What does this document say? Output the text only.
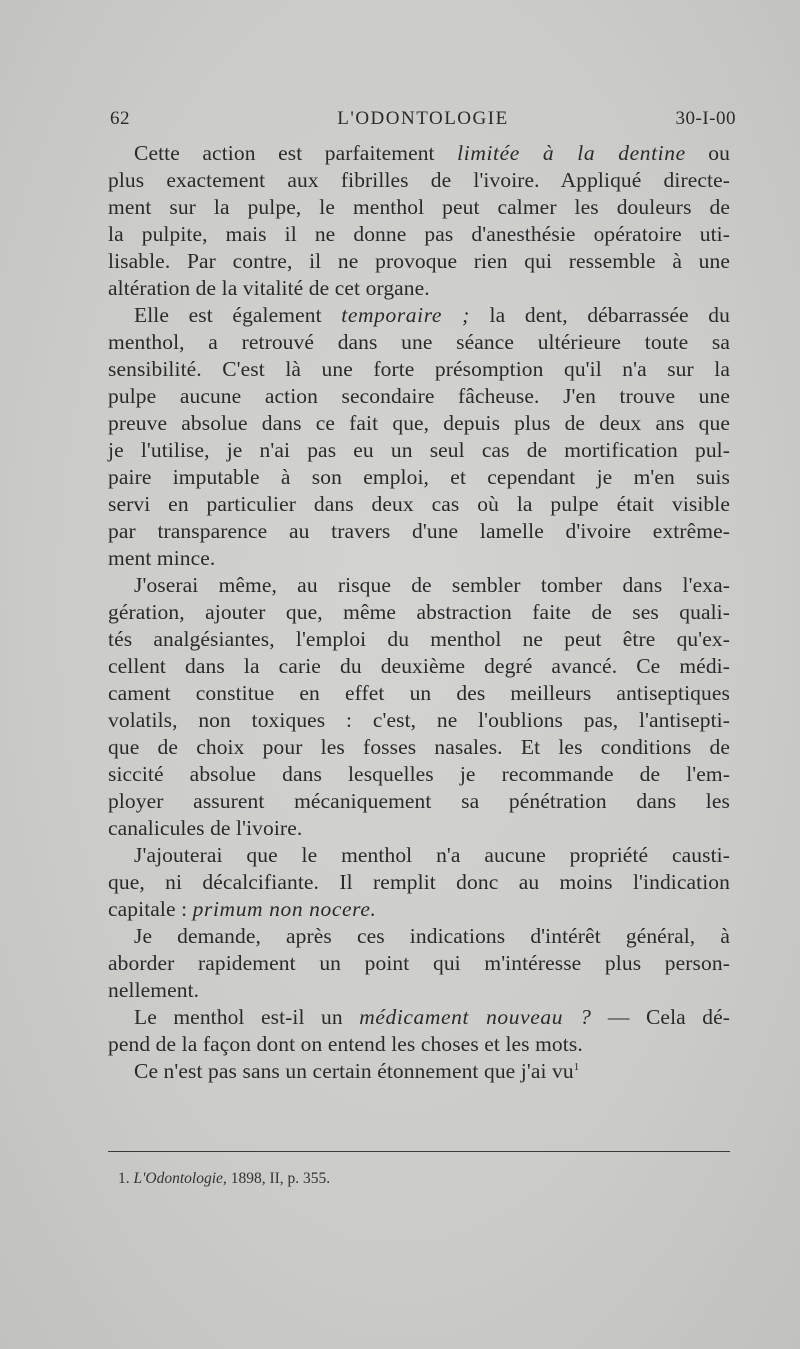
62	L'ODONTOLOGIE	30-I-00
Cette action est parfaitement limitée à la dentine ou
plus exactement aux fibrilles de l'ivoire. Appliqué directe-
ment sur la pulpe, le menthol peut calmer les douleurs de
la pulpite, mais il ne donne pas d'anesthésie opératoire uti-
lisable. Par contre, il ne provoque rien qui ressemble à une
altération de la vitalité de cet organe.
Elle est également temporaire ; la dent, débarrassée du
menthol, a retrouvé dans une séance ultérieure toute sa
sensibilité. C'est là une forte présomption qu'il n'a sur la
pulpe aucune action secondaire fâcheuse. J'en trouve une
preuve absolue dans ce fait que, depuis plus de deux ans que
je l'utilise, je n'ai pas eu un seul cas de mortification pul-
paire imputable à son emploi, et cependant je m'en suis
servi en particulier dans deux cas où la pulpe était visible
par transparence au travers d'une lamelle d'ivoire extrême-
ment mince.
J'oserai même, au risque de sembler tomber dans l'exa-
gération, ajouter que, même abstraction faite de ses quali-
tés analgésiantes, l'emploi du menthol ne peut être qu'ex-
cellent dans la carie du deuxième degré avancé. Ce médi-
cament constitue en effet un des meilleurs antiseptiques
volatils, non toxiques : c'est, ne l'oublions pas, l'antisepti-
que de choix pour les fosses nasales. Et les conditions de
siccité absolue dans lesquelles je recommande de l'em-
ployer assurent mécaniquement sa pénétration dans les
canalicules de l'ivoire.
J'ajouterai que le menthol n'a aucune propriété causti-
que, ni décalcifiante. Il remplit donc au moins l'indication
capitale : primum non nocere.
Je demande, après ces indications d'intérêt général, à
aborder rapidement un point qui m'intéresse plus person-
nellement.
Le menthol est-il un médicament nouveau ? — Cela dé-
pend de la façon dont on entend les choses et les mots.
Ce n'est pas sans un certain étonnement que j'ai $vu^1$
1. L'Odontologie, 1898, II, p. 355.
